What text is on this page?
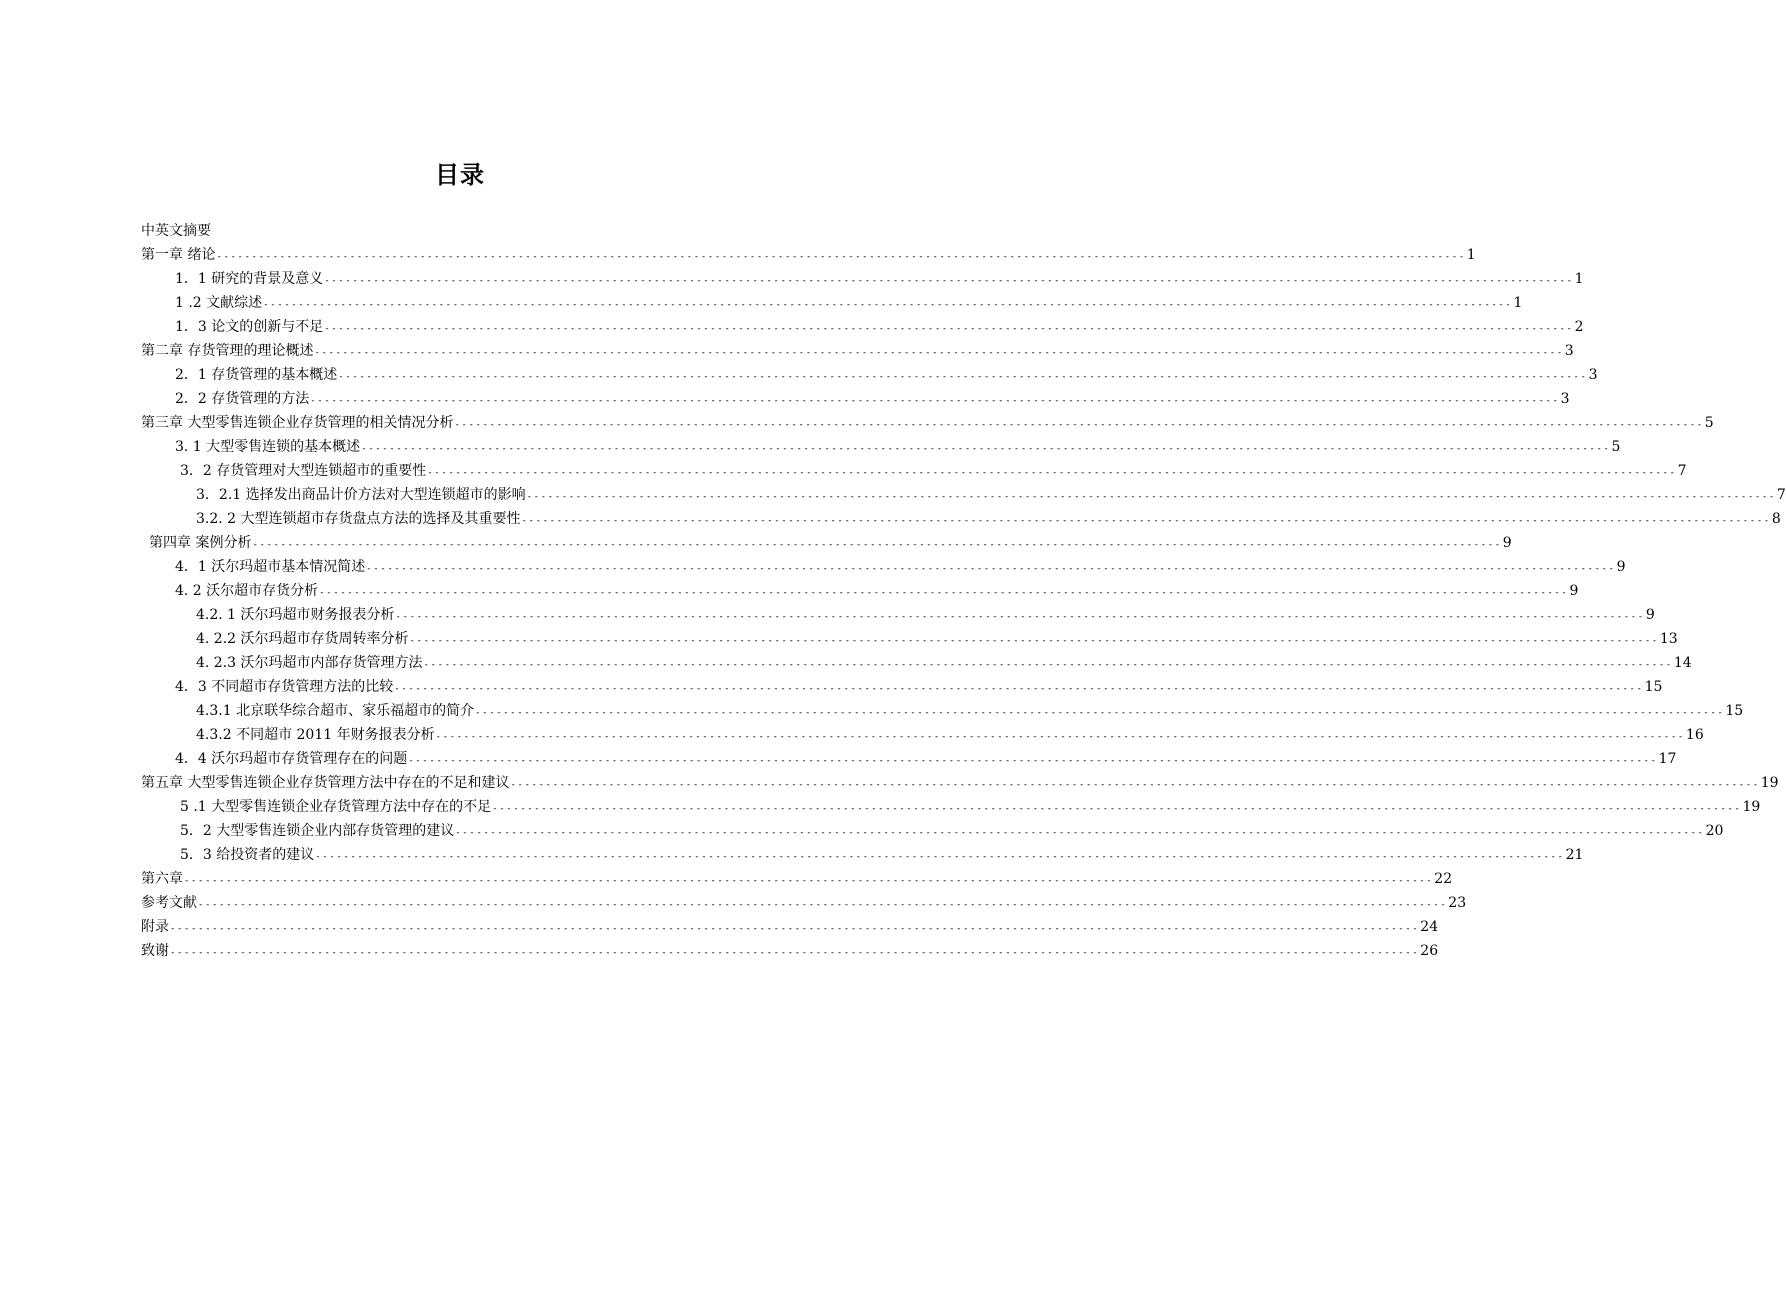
目录
中英文摘要
第一章 绪论 ---------------------------------------------------------------------------------------------------------------------------------------------------------------------------------- 1
1．1 研究的背景及意义 ---------------------------------------------------------------------------------------------------------------------------------------------------------------------------------- 1
1 .2 文献综述 ---------------------------------------------------------------------------------------------------------------------------------------------------------------------------------- 1
1．3 论文的创新与不足 ---------------------------------------------------------------------------------------------------------------------------------------------------------------------------------- 2
第二章 存货管理的理论概述 ---------------------------------------------------------------------------------------------------------------------------------------------------------------------------------- 3
2．1 存货管理的基本概述 ---------------------------------------------------------------------------------------------------------------------------------------------------------------------------------- 3
2．2 存货管理的方法 ---------------------------------------------------------------------------------------------------------------------------------------------------------------------------------- 3
第三章 大型零售连锁企业存货管理的相关情况分析 ---------------------------------------------------------------------------------------------------------------------------------------------------------------------------------- 5
3. 1 大型零售连锁的基本概述 ---------------------------------------------------------------------------------------------------------------------------------------------------------------------------------- 5
3．2 存货管理对大型连锁超市的重要性 ---------------------------------------------------------------------------------------------------------------------------------------------------------------------------------- 7
3．2.1 选择发出商品计价方法对大型连锁超市的影响 ---------------------------------------------------------------------------------------------------------------------------------------------------------------------------------- 7
3.2. 2 大型连锁超市存货盘点方法的选择及其重要性 ---------------------------------------------------------------------------------------------------------------------------------------------------------------------------------- 8
第四章 案例分析 ---------------------------------------------------------------------------------------------------------------------------------------------------------------------------------- 9
4．1 沃尔玛超市基本情况简述 ---------------------------------------------------------------------------------------------------------------------------------------------------------------------------------- 9
4. 2 沃尔超市存货分析 ---------------------------------------------------------------------------------------------------------------------------------------------------------------------------------- 9
4.2. 1 沃尔玛超市财务报表分析 ---------------------------------------------------------------------------------------------------------------------------------------------------------------------------------- 9
4. 2.2 沃尔玛超市存货周转率分析 ---------------------------------------------------------------------------------------------------------------------------------------------------------------------------------- 13
4. 2.3 沃尔玛超市内部存货管理方法 ---------------------------------------------------------------------------------------------------------------------------------------------------------------------------------- 14
4．3 不同超市存货管理方法的比较 ---------------------------------------------------------------------------------------------------------------------------------------------------------------------------------- 15
4.3.1 北京联华综合超市、家乐福超市的简介 ---------------------------------------------------------------------------------------------------------------------------------------------------------------------------------- 15
4.3.2 不同超市 2011 年财务报表分析 ---------------------------------------------------------------------------------------------------------------------------------------------------------------------------------- 16
4．4 沃尔玛超市存货管理存在的问题 ---------------------------------------------------------------------------------------------------------------------------------------------------------------------------------- 17
第五章 大型零售连锁企业存货管理方法中存在的不足和建议 ---------------------------------------------------------------------------------------------------------------------------------------------------------------------------------- 19
5 .1 大型零售连锁企业存货管理方法中存在的不足 ---------------------------------------------------------------------------------------------------------------------------------------------------------------------------------- 19
5．2 大型零售连锁企业内部存货管理的建议 ---------------------------------------------------------------------------------------------------------------------------------------------------------------------------------- 20
5．3 给投资者的建议 ---------------------------------------------------------------------------------------------------------------------------------------------------------------------------------- 21
第六章 ---------------------------------------------------------------------------------------------------------------------------------------------------------------------------------- 22
参考文献 ---------------------------------------------------------------------------------------------------------------------------------------------------------------------------------- 23
附录 ---------------------------------------------------------------------------------------------------------------------------------------------------------------------------------- 24
致谢 ---------------------------------------------------------------------------------------------------------------------------------------------------------------------------------- 26
